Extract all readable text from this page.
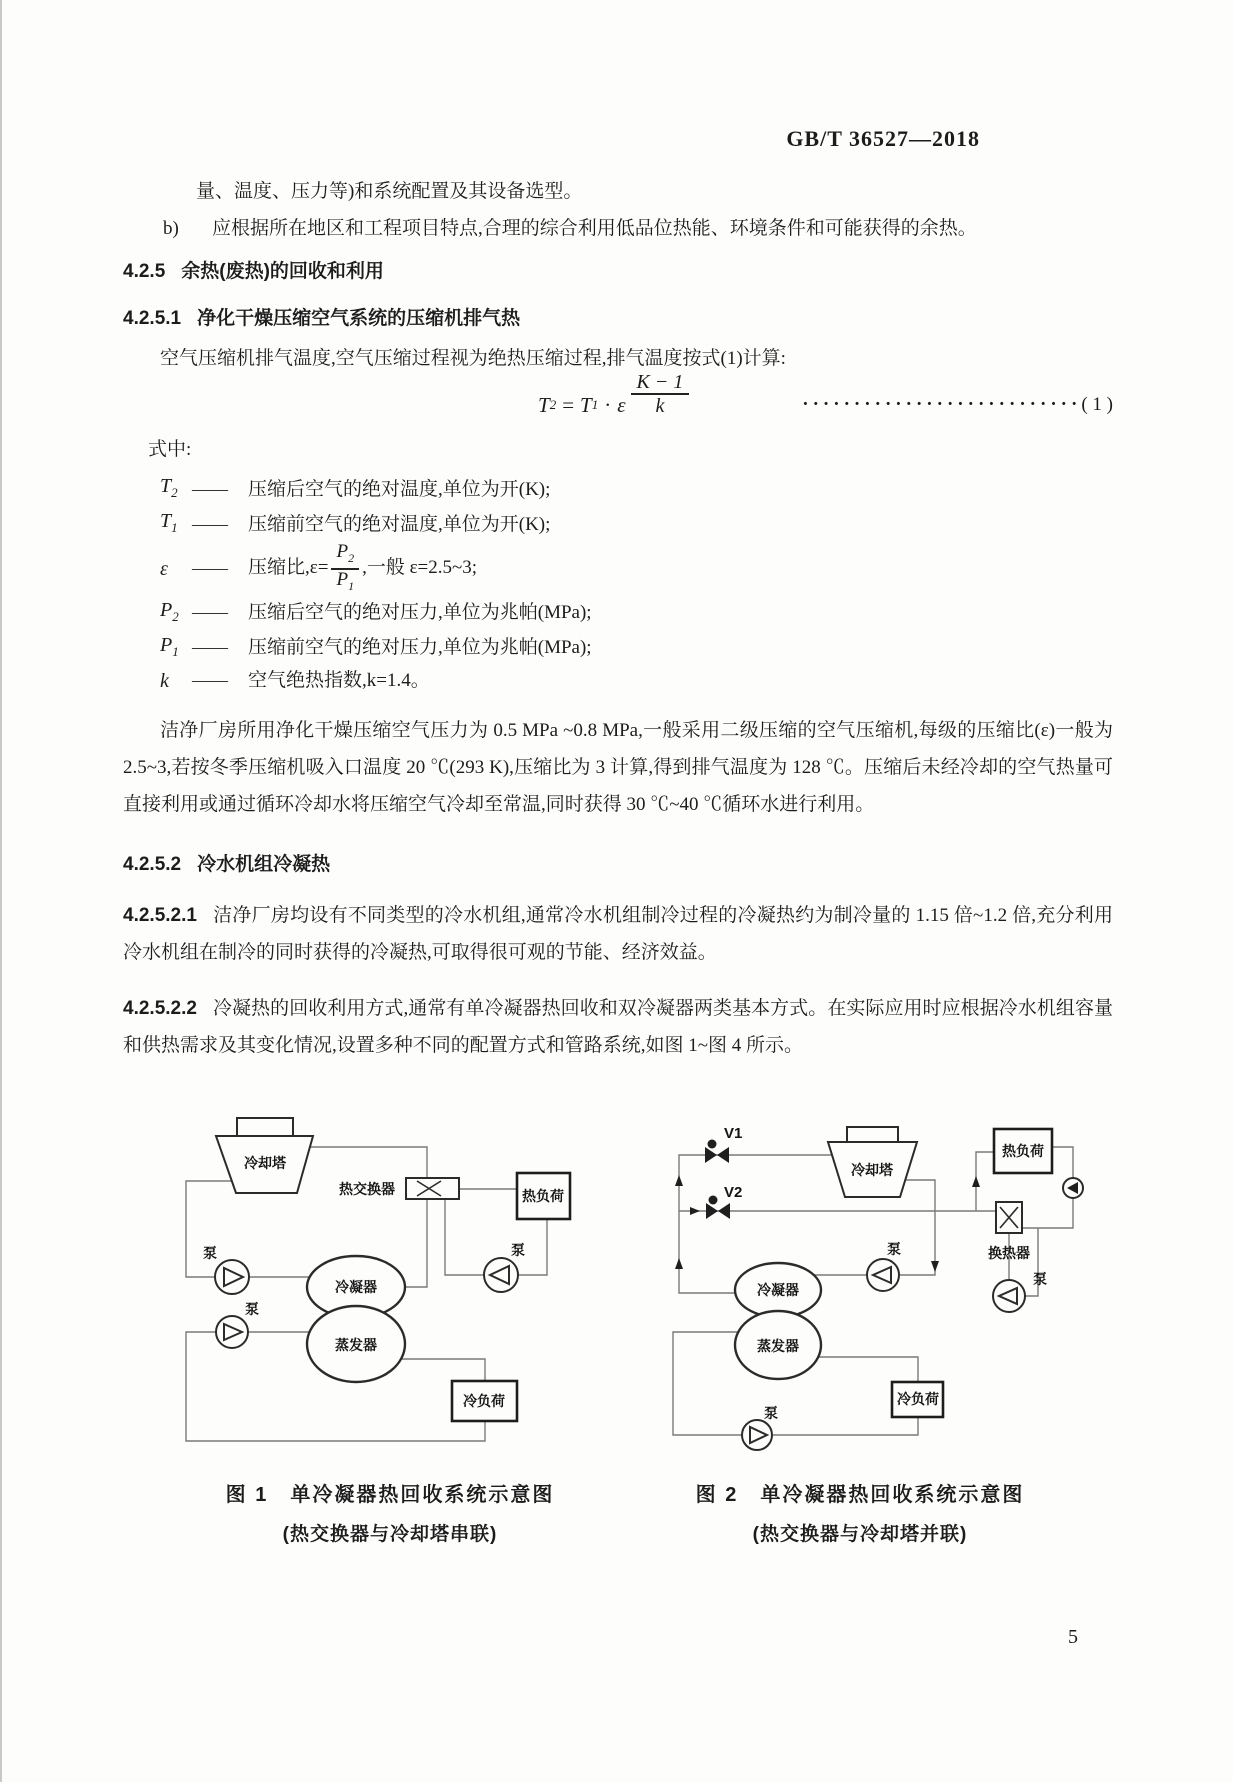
GB/T 36527—2018

量、温度、压力等)和系统配置及其设备选型。

b)	应根据所在地区和工程项目特点,合理的综合利用低品位热能、环境条件和可能获得的余热。
4.2.5 余热(废热)的回收和利用
4.2.5.1 净化干燥压缩空气系统的压缩机排气热

空气压缩机排气温度,空气压缩过程视为绝热压缩过程,排气温度按式(1)计算:

T 2 = T 1 · ε $\frac{K - 1}{k}$	··························· ( 1 )

式中:

$T_2$ ——	压缩后空气的绝对温度,单位为开(K);
$T_1$ ——	压缩前空气的绝对温度,单位为开(K);
ε	——	压缩比$,\varepsilon= \frac{P_2}{P_1}$ ,一般 ε=2.5~3;
$P_2$ ——	压缩后空气的绝对压力,单位为兆帕(MPa);
$P_1$ ——	压缩前空气的绝对压力,单位为兆帕(MPa);
k	——	空气绝热指数,k=1.4。

洁净厂房所用净化干燥压缩空气压力为 0.5 MPa ~0.8 MPa,一般采用二级压缩的空气压缩机,每级的压缩比(ε)一般为 2.5~3,若按冬季压缩机吸入口温度 20 ℃(293 K),压缩比为 3 计算,得到排气温度为 128 ℃。压缩后未经冷却的空气热量可直接利用或通过循环冷却水将压缩空气冷却至常温,同时获得 30 ℃~40 ℃循环水进行利用。

4.2.5.2 冷水机组冷凝热

4.2.5.2.1 洁净厂房均设有不同类型的冷水机组,通常冷水机组制冷过程的冷凝热约为制冷量的 1.15 倍~1.2 倍,充分利用冷水机组在制冷的同时获得的冷凝热,可取得很可观的节能、经济效益。

4.2.5.2.2 冷凝热的回收利用方式,通常有单冷凝器热回收和双冷凝器两类基本方式。在实际应用时应根据冷水机组容量和供热需求及其变化情况,设置多种不同的配置方式和管路系统,如图 1~图 4 所示。

冷却塔
热交换器	热负荷
泵
泵
泵
冷凝器
蒸发器
冷负荷
V1
V2
冷却塔
热负荷
换热器
泵
泵
冷凝器
蒸发器
泵
冷负荷
图 1　单冷凝器热回收系统示意图
(热交换器与冷却塔串联)
图 2　单冷凝器热回收系统示意图
(热交换器与冷却塔并联)
5
